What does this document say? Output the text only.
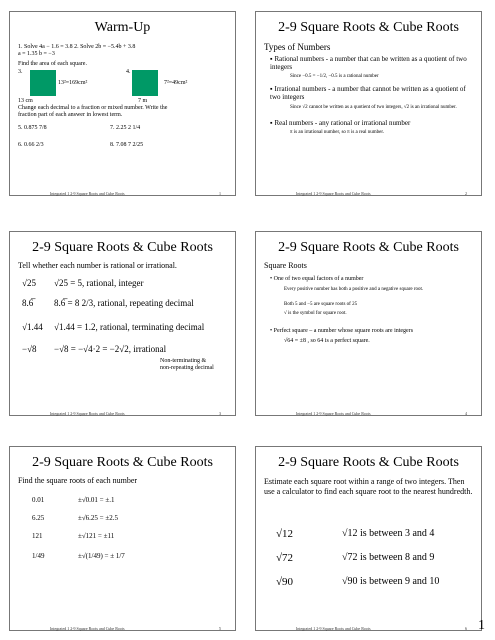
Warm-Up
1. Solve 4a − 1.6 = 3.8 2. Solve 2b = −5.4b + 3.8
a = 1.35 b = −3
Find the area of each square.
3.
13²=169cm²
13 cm
4.
7²=49cm²
7 m
Change each decimal to a fraction or mixed number. Write the
fraction part of each answer in lowest term.
5. 0.875 7/8	7. 2.25 2 1/4
6. 0.66 2/3	8. 7.08 7 2/25
Integrated 1 2-9 Square Roots and Cube Roots	1
2-9 Square Roots & Cube Roots
Types of Numbers
▪ Rational numbers - a number that can be written as a quotient of two integers
Since −0.5 = −1/2, −0.5 is a rational number
▪ Irrational numbers - a number that cannot be written as a quotient of two integers
Since √2 cannot be written as a quotient of two integers, √2 is an irrational number.
▪ Real numbers - any rational or irrational number
π is an irrational number, so π is a real number.
Integrated 1 2-9 Square Roots and Cube Roots	2
2-9 Square Roots & Cube Roots
Tell whether each number is rational or irrational.
√25 √25 = 5, rational, integer
8.6̅ 8.6̅ = 8 2/3, rational, repeating decimal
√1.44 √1.44 = 1.2, rational, terminating decimal
−√8 −√8 = −√4·2 = −2√2, irrational
Non-terminating &
non-repeating decimal
Integrated 1 2-9 Square Roots and Cube Roots	3
2-9 Square Roots & Cube Roots
Square Roots
• One of two equal factors of a number
Every positive number has both a positive and a negative square root.
Both 5 and −5 are square roots of 25
√ is the symbol for square root.
• Perfect square – a number whose square roots are integers
√64 = ±8 , so 64 is a perfect square.
Integrated 1 2-9 Square Roots and Cube Roots	4
2-9 Square Roots & Cube Roots
Find the square roots of each number
0.01	±√0.01 = ±.1
6.25	±√6.25 = ±2.5
121	±√121 = ±11
1/49	±√(1/49) = ± 1/7
Integrated 1 2-9 Square Roots and Cube Roots	5
2-9 Square Roots & Cube Roots
Estimate each square root within a range of two integers. Then use a calculator to find each square root to the nearest hundredth.
√12	√12 is between 3 and 4
√72	√72 is between 8 and 9
√90	√90 is between 9 and 10
Integrated 1 2-9 Square Roots and Cube Roots	6 1
